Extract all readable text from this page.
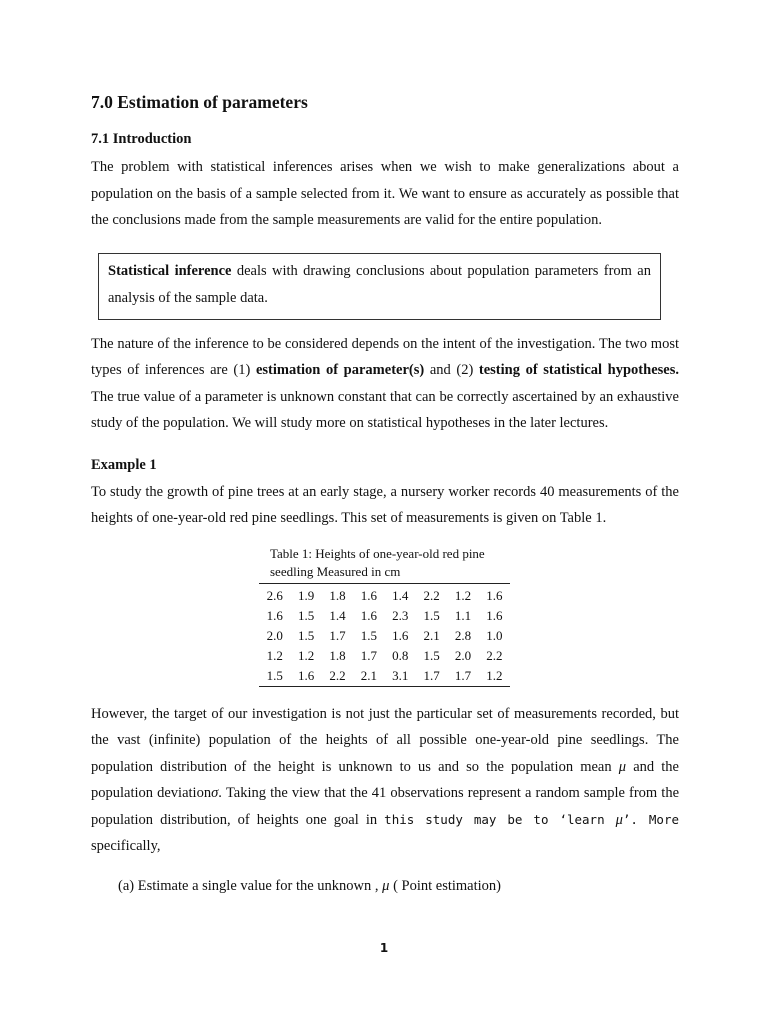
7.0 Estimation of parameters
7.1 Introduction

The problem with statistical inferences arises when we wish to make generalizations about a population on the basis of a sample selected from it. We want to ensure as accurately as possible that the conclusions made from the sample measurements are valid for the entire population.

Statistical inference deals with drawing conclusions about population parameters from an analysis of the sample data.

The nature of the inference to be considered depends on the intent of the investigation. The two most types of inferences are (1) estimation of parameter(s) and (2) testing of statistical hypotheses. The true value of a parameter is unknown constant that can be correctly ascertained by an exhaustive study of the population. We will study more on statistical hypotheses in the later lectures.

Example 1

To study the growth of pine trees at an early stage, a nursery worker records 40 measurements of the heights of one-year-old red pine seedlings. This set of measurements is given on Table 1.

Table 1: Heights of one-year-old red pine
seedling Measured in cm
2.6	1.9	1.8	1.6	1.4	2.2	1.2	1.6
1.6	1.5	1.4	1.6	2.3	1.5	1.1	1.6
2.0	1.5	1.7	1.5	1.6	2.1	2.8	1.0
1.2	1.2	1.8	1.7	0.8	1.5	2.0	2.2
1.5	1.6	2.2	2.1	3.1	1.7	1.7	1.2

However, the target of our investigation is not just the particular set of measurements recorded, but the vast (infinite) population of the heights of all possible one-year-old pine seedlings. The population distribution of the height is unknown to us and so the population mean μ and the population deviationσ. Taking the view that the 41 observations represent a random sample from the population distribution, of heights one goal in this study may be to ‘learn μ’. More specifically,

(a) Estimate a single value for the unknown , μ ( Point estimation)
1
